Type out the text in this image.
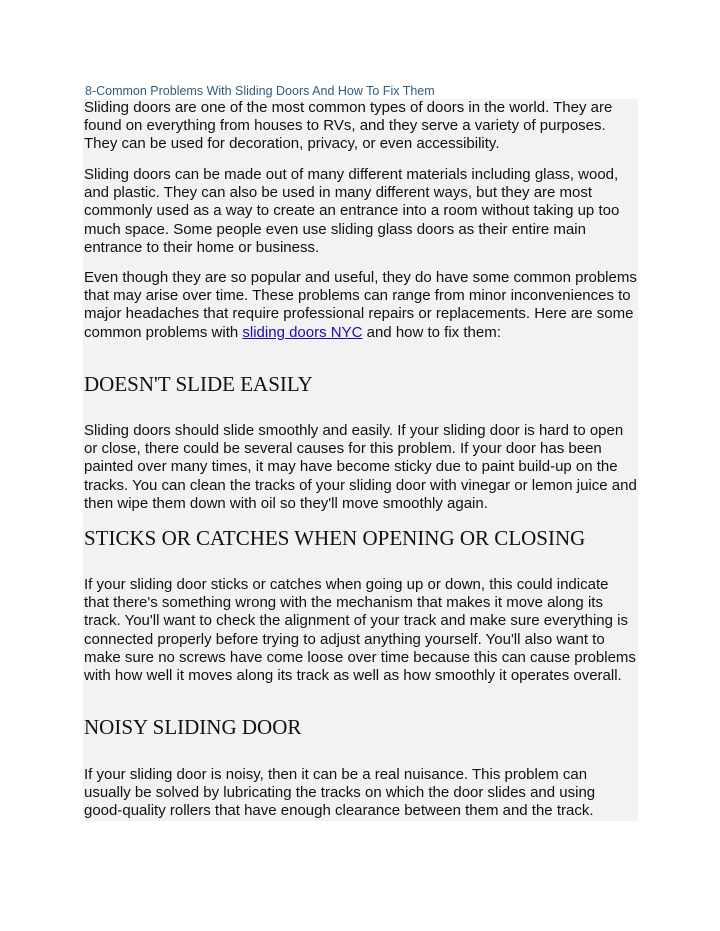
8-Common Problems With Sliding Doors And How To Fix Them

Sliding doors are one of the most common types of doors in the world. They are found on everything from houses to RVs, and they serve a variety of purposes. They can be used for decoration, privacy, or even accessibility.

Sliding doors can be made out of many different materials including glass, wood, and plastic. They can also be used in many different ways, but they are most commonly used as a way to create an entrance into a room without taking up too much space. Some people even use sliding glass doors as their entire main entrance to their home or business.

Even though they are so popular and useful, they do have some common problems that may arise over time. These problems can range from minor inconveniences to major headaches that require professional repairs or replacements. Here are some common problems with sliding doors NYC and how to fix them:

DOESN'T SLIDE EASILY

Sliding doors should slide smoothly and easily. If your sliding door is hard to open or close, there could be several causes for this problem. If your door has been painted over many times, it may have become sticky due to paint build-up on the tracks. You can clean the tracks of your sliding door with vinegar or lemon juice and then wipe them down with oil so they'll move smoothly again.

STICKS OR CATCHES WHEN OPENING OR CLOSING

If your sliding door sticks or catches when going up or down, this could indicate that there's something wrong with the mechanism that makes it move along its track. You'll want to check the alignment of your track and make sure everything is connected properly before trying to adjust anything yourself. You'll also want to make sure no screws have come loose over time because this can cause problems with how well it moves along its track as well as how smoothly it operates overall.

NOISY SLIDING DOOR

If your sliding door is noisy, then it can be a real nuisance. This problem can usually be solved by lubricating the tracks on which the door slides and using good-quality rollers that have enough clearance between them and the track.
